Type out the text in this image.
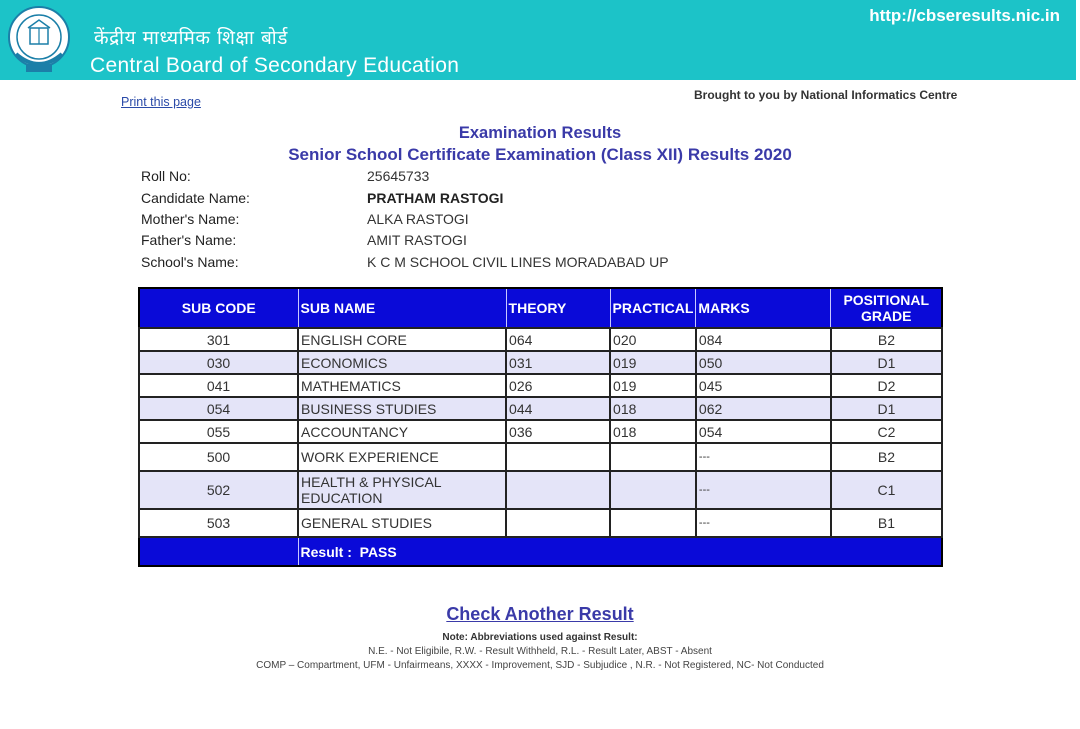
केंद्रीय माध्यमिक शिक्षा बोर्ड
Central Board of Secondary Education
http://cbseresults.nic.in
Print this page	Brought to you by National Informatics Centre
Examination Results
Senior School Certificate Examination (Class XII) Results 2020
Roll No:	25645733
Candidate Name:	PRATHAM RASTOGI
Mother's Name:	ALKA RASTOGI
Father's Name:	AMIT RASTOGI
School's Name:	K C M SCHOOL CIVIL LINES MORADABAD UP
SUB CODE	SUB NAME	THEORY	PRACTICAL	MARKS	POSITIONAL GRADE
301	ENGLISH CORE	064	020	084	B2
030	ECONOMICS	031	019	050	D1
041	MATHEMATICS	026	019	045	D2
054	BUSINESS STUDIES	044	018	062	D1
055	ACCOUNTANCY	036	018	054	C2
500	WORK EXPERIENCE			---	B2
502	HEALTH & PHYSICAL EDUCATION			---	C1
503	GENERAL STUDIES			---	B1
	Result : PASS				
Check Another Result
Note: Abbreviations used against Result:
N.E. - Not Eligibile, R.W. - Result Withheld, R.L. - Result Later, ABST - Absent
COMP – Compartment, UFM - Unfairmeans, XXXX - Improvement, SJD - Subjudice , N.R. - Not Registered, NC- Not Conducted
